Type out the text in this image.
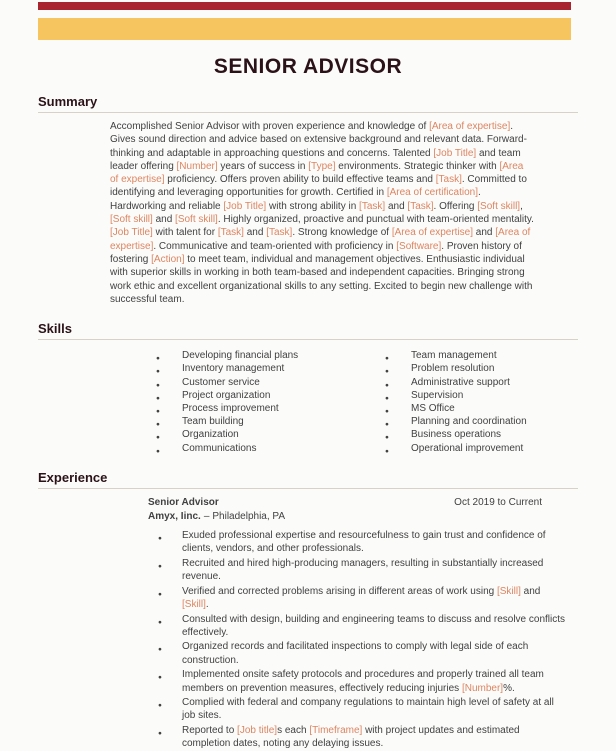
SENIOR ADVISOR
Summary

Accomplished Senior Advisor with proven experience and knowledge of [Area of expertise]. Gives sound direction and advice based on extensive background and relevant data. Forward-thinking and adaptable in approaching questions and concerns. Talented [Job Title] and team leader offering [Number] years of success in [Type] environments. Strategic thinker with [Area of expertise] proficiency. Offers proven ability to build effective teams and [Task]. Committed to identifying and leveraging opportunities for growth. Certified in [Area of certification]. Hardworking and reliable [Job Title] with strong ability in [Task] and [Task]. Offering [Soft skill], [Soft skill] and [Soft skill]. Highly organized, proactive and punctual with team-oriented mentality. [Job Title] with talent for [Task] and [Task]. Strong knowledge of [Area of expertise] and [Area of expertise]. Communicative and team-oriented with proficiency in [Software]. Proven history of fostering [Action] to meet team, individual and management objectives. Enthusiastic individual with superior skills in working in both team-based and independent capacities. Bringing strong work ethic and excellent organizational skills to any setting. Excited to begin new challenge with successful team.

Skills
● Developing financial plans
● Inventory management
● Customer service
● Project organization
● Process improvement
● Team building
● Organization
● Communications
● Team management
● Problem resolution
● Administrative support
● Supervision
● MS Office
● Planning and coordination
● Business operations
● Operational improvement
Experience
Senior Advisor	Oct 2019 to Current
Amyx, Iinc. – Philadelphia, PA
● Exuded professional expertise and resourcefulness to gain trust and confidence of clients, vendors, and other professionals.
● Recruited and hired high-producing managers, resulting in substantially increased revenue.
● Verified and corrected problems arising in different areas of work using [Skill] and [Skill].
● Consulted with design, building and engineering teams to discuss and resolve conflicts effectively.
● Organized records and facilitated inspections to comply with legal side of each construction.
● Implemented onsite safety protocols and procedures and properly trained all team members on prevention measures, effectively reducing injuries [Number]%.
● Complied with federal and company regulations to maintain high level of safety at all job sites.
● Reported to [Job title]s each [Timeframe] with project updates and estimated completion dates, noting any delaying issues.
